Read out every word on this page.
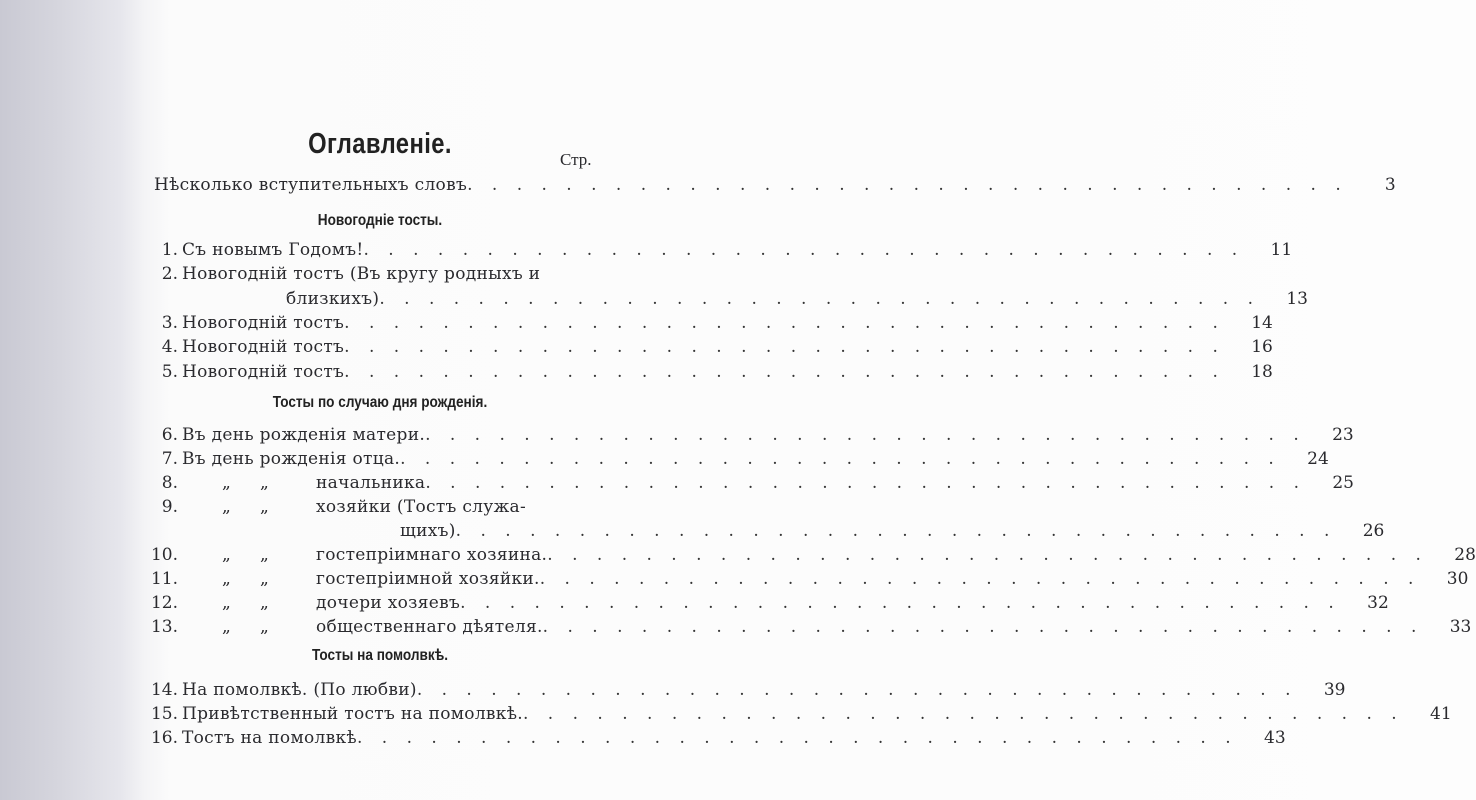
Оглавленіе.	Стр.
Нѣсколько вступительныхъ словъ . . . . . . . . . . . . . . . . . . . . . . . . . . . . . . . . . . . .	3
Новогодніе тосты.
1. Съ новымъ Годомъ! . . . . . . . . . . . . . . . . . . . . . . . . . . . . . . . . . . . .	11
2. Новогодній тостъ (Въ кругу родныхъ и
близкихъ) . . . . . . . . . . . . . . . . . . . . . . . . . . . . . . . . . . . .	13
3. Новогодній тостъ . . . . . . . . . . . . . . . . . . . . . . . . . . . . . . . . . . . .	14
4. Новогодній тостъ . . . . . . . . . . . . . . . . . . . . . . . . . . . . . . . . . . . .	16
5. Новогодній тостъ . . . . . . . . . . . . . . . . . . . . . . . . . . . . . . . . . . . .	18
Тосты по случаю дня рожденія.
6. Въ день рожденія матери. . . . . . . . . . . . . . . . . . . . . . . . . . . . . . . . . . . . .	23
7. Въ день рожденія отца. . . . . . . . . . . . . . . . . . . . . . . . . . . . . . . . . . . . .	24
8.	„ „	начальника . . . . . . . . . . . . . . . . . . . . . . . . . . . . . . . . . . . .	25
9.	„ „	хозяйки (Тостъ служа-
щихъ) . . . . . . . . . . . . . . . . . . . . . . . . . . . . . . . . . . . .	26
10.	„ „	гостепріимнаго хозяина. . . . . . . . . . . . . . . . . . . . . . . . . . . . . . . . . . . . .	28
11.	„ „	гостепріимной хозяйки. . . . . . . . . . . . . . . . . . . . . . . . . . . . . . . . . . . . .	30
12.	„ „	дочери хозяевъ . . . . . . . . . . . . . . . . . . . . . . . . . . . . . . . . . . . .	32
13.	„ „	общественнаго дѣятеля. . . . . . . . . . . . . . . . . . . . . . . . . . . . . . . . . . . . .	33
Тосты на помолвкѣ.
14. На помолвкѣ. (По любви) . . . . . . . . . . . . . . . . . . . . . . . . . . . . . . . . . . . .	39
15. Привѣтственный тостъ на помолвкѣ. . . . . . . . . . . . . . . . . . . . . . . . . . . . . . . . . . . . .	41
16. Тостъ на помолвкѣ . . . . . . . . . . . . . . . . . . . . . . . . . . . . . . . . . . . .	43
